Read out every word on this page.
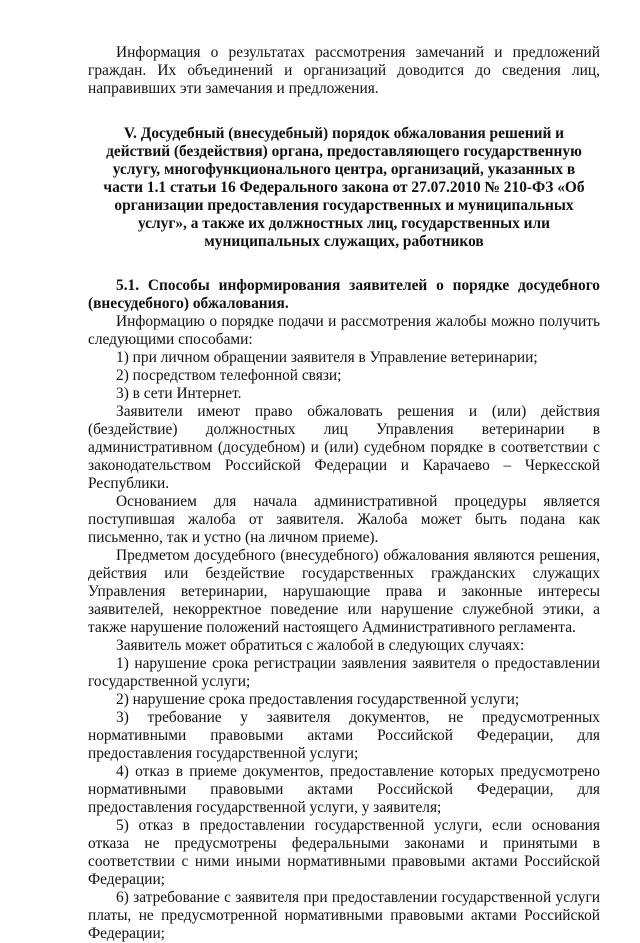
Информация о результатах рассмотрения замечаний и предложений граждан. Их объединений и организаций доводится до сведения лиц, направивших эти замечания и предложения.

V. Досудебный (внесудебный) порядок обжалования решений и действий (бездействия) органа, предоставляющего государственную услугу, многофункционального центра, организаций, указанных в части 1.1 статьи 16 Федерального закона от 27.07.2010 № 210-ФЗ «Об организации предоставления государственных и муниципальных услуг», а также их должностных лиц, государственных или муниципальных служащих, работников

5.1. Способы информирования заявителей о порядке досудебного (внесудебного) обжалования.

Информацию о порядке подачи и рассмотрения жалобы можно получить следующими способами:

1) при личном обращении заявителя в Управление ветеринарии;

2) посредством телефонной связи;

3) в сети Интернет.

Заявители имеют право обжаловать решения и (или) действия (бездействие) должностных лиц Управления ветеринарии в административном (досудебном) и (или) судебном порядке в соответствии с законодательством Российской Федерации и Карачаево – Черкесской Республики.

Основанием для начала административной процедуры является поступившая жалоба от заявителя. Жалоба может быть подана как письменно, так и устно (на личном приеме).

Предметом досудебного (внесудебного) обжалования являются решения, действия или бездействие государственных гражданских служащих Управления ветеринарии, нарушающие права и законные интересы заявителей, некорректное поведение или нарушение служебной этики, а также нарушение положений настоящего Административного регламента.

Заявитель может обратиться с жалобой в следующих случаях:

1) нарушение срока регистрации заявления заявителя о предоставлении государственной услуги;

2) нарушение срока предоставления государственной услуги;

3) требование у заявителя документов, не предусмотренных нормативными правовыми актами Российской Федерации, для предоставления государственной услуги;

4) отказ в приеме документов, предоставление которых предусмотрено нормативными правовыми актами Российской Федерации, для предоставления государственной услуги, у заявителя;

5) отказ в предоставлении государственной услуги, если основания отказа не предусмотрены федеральными законами и принятыми в соответствии с ними иными нормативными правовыми актами Российской Федерации;

6) затребование с заявителя при предоставлении государственной услуги платы, не предусмотренной нормативными правовыми актами Российской Федерации;
